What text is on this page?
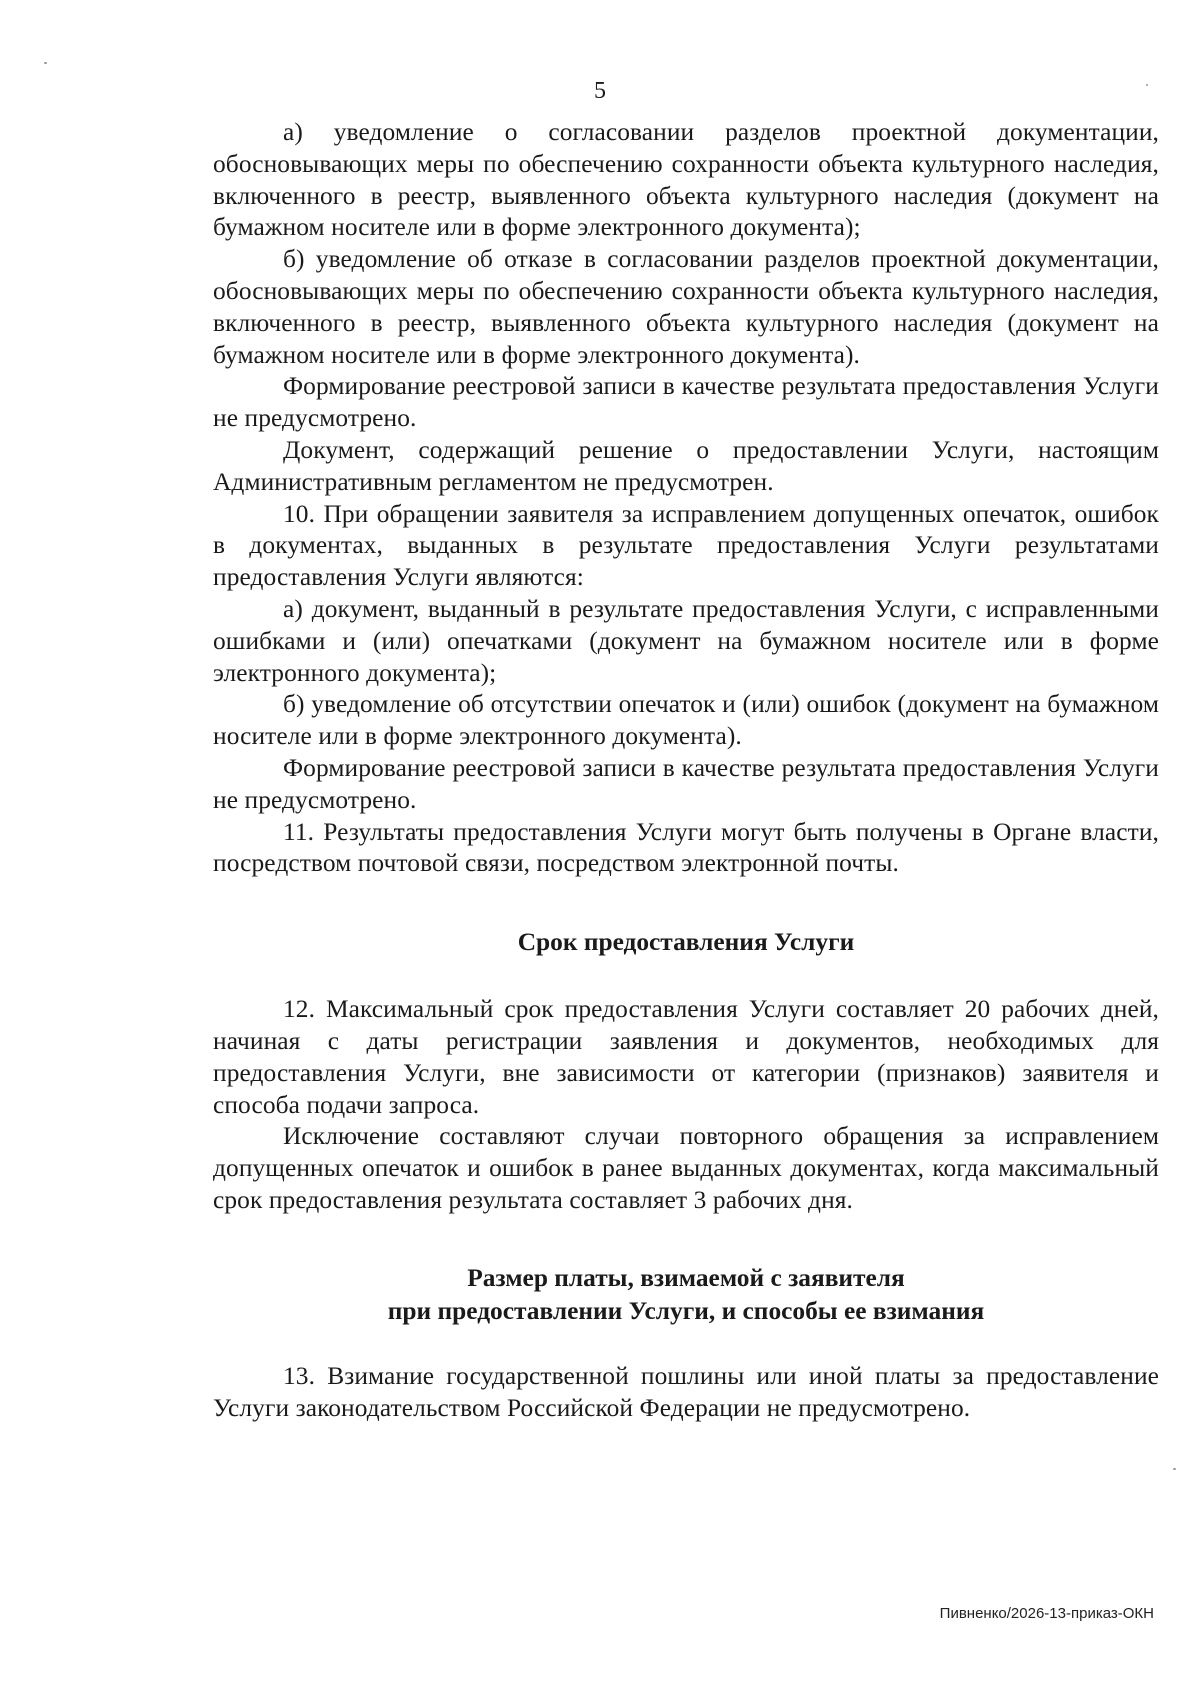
5

а) уведомление о согласовании разделов проектной документации, обосновывающих меры по обеспечению сохранности объекта культурного наследия, включенного в реестр, выявленного объекта культурного наследия (документ на бумажном носителе или в форме электронного документа);

б) уведомление об отказе в согласовании разделов проектной документации, обосновывающих меры по обеспечению сохранности объекта культурного наследия, включенного в реестр, выявленного объекта культурного наследия (документ на бумажном носителе или в форме электронного документа).

Формирование реестровой записи в качестве результата предоставления Услуги не предусмотрено.

Документ, содержащий решение о предоставлении Услуги, настоящим Административным регламентом не предусмотрен.

10. При обращении заявителя за исправлением допущенных опечаток, ошибок в документах, выданных в результате предоставления Услуги результатами предоставления Услуги являются:

а) документ, выданный в результате предоставления Услуги, с исправленными ошибками и (или) опечатками (документ на бумажном носителе или в форме электронного документа);

б) уведомление об отсутствии опечаток и (или) ошибок (документ на бумажном носителе или в форме электронного документа).

Формирование реестровой записи в качестве результата предоставления Услуги не предусмотрено.

11. Результаты предоставления Услуги могут быть получены в Органе власти, посредством почтовой связи, посредством электронной почты.

Срок предоставления Услуги

12. Максимальный срок предоставления Услуги составляет 20 рабочих дней, начиная с даты регистрации заявления и документов, необходимых для предоставления Услуги, вне зависимости от категории (признаков) заявителя и способа подачи запроса.

Исключение составляют случаи повторного обращения за исправлением допущенных опечаток и ошибок в ранее выданных документах, когда максимальный срок предоставления результата составляет 3 рабочих дня.

Размер платы, взимаемой с заявителя
при предоставлении Услуги, и способы ее взимания

13. Взимание государственной пошлины или иной платы за предоставление Услуги законодательством Российской Федерации не предусмотрено.

Пивненко/2026-13-приказ-ОКН
